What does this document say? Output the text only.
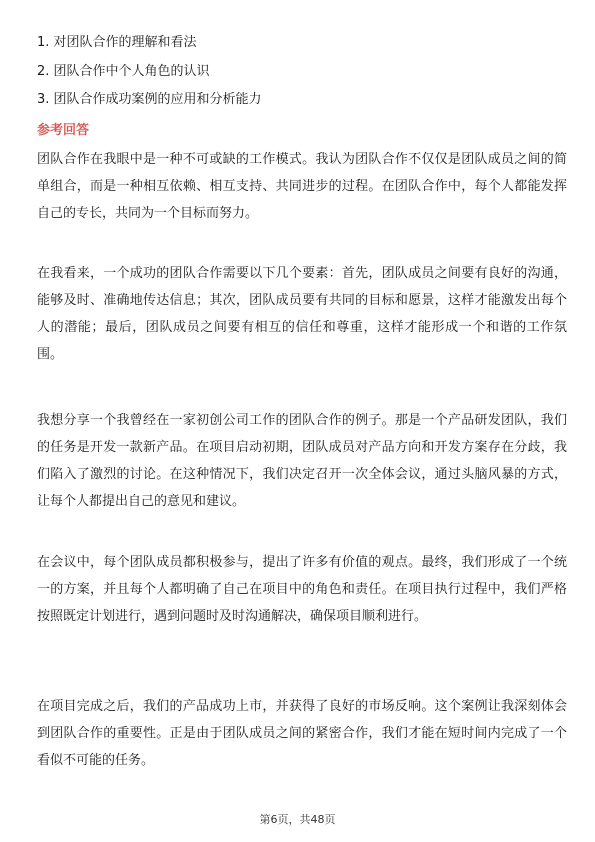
1. 对团队合作的理解和看法
2. 团队合作中个人角色的认识
3. 团队合作成功案例的应用和分析能力
参考回答

团队合作在我眼中是一种不可或缺的工作模式。我认为团队合作不仅仅是团队成员之间的简单组合，而是一种相互依赖、相互支持、共同进步的过程。在团队合作中，每个人都能发挥自己的专长，共同为一个目标而努力。

在我看来，一个成功的团队合作需要以下几个要素：首先，团队成员之间要有良好的沟通，能够及时、准确地传达信息；其次，团队成员要有共同的目标和愿景，这样才能激发出每个人的潜能；最后，团队成员之间要有相互的信任和尊重，这样才能形成一个和谐的工作氛围。

我想分享一个我曾经在一家初创公司工作的团队合作的例子。那是一个产品研发团队，我们的任务是开发一款新产品。在项目启动初期，团队成员对产品方向和开发方案存在分歧，我们陷入了激烈的讨论。在这种情况下，我们决定召开一次全体会议，通过头脑风暴的方式，让每个人都提出自己的意见和建议。

在会议中，每个团队成员都积极参与，提出了许多有价值的观点。最终，我们形成了一个统一的方案，并且每个人都明确了自己在项目中的角色和责任。在项目执行过程中，我们严格按照既定计划进行，遇到问题时及时沟通解决，确保项目顺利进行。

在项目完成之后，我们的产品成功上市，并获得了良好的市场反响。这个案例让我深刻体会到团队合作的重要性。正是由于团队成员之间的紧密合作，我们才能在短时间内完成了一个看似不可能的任务。

第6页，共48页
